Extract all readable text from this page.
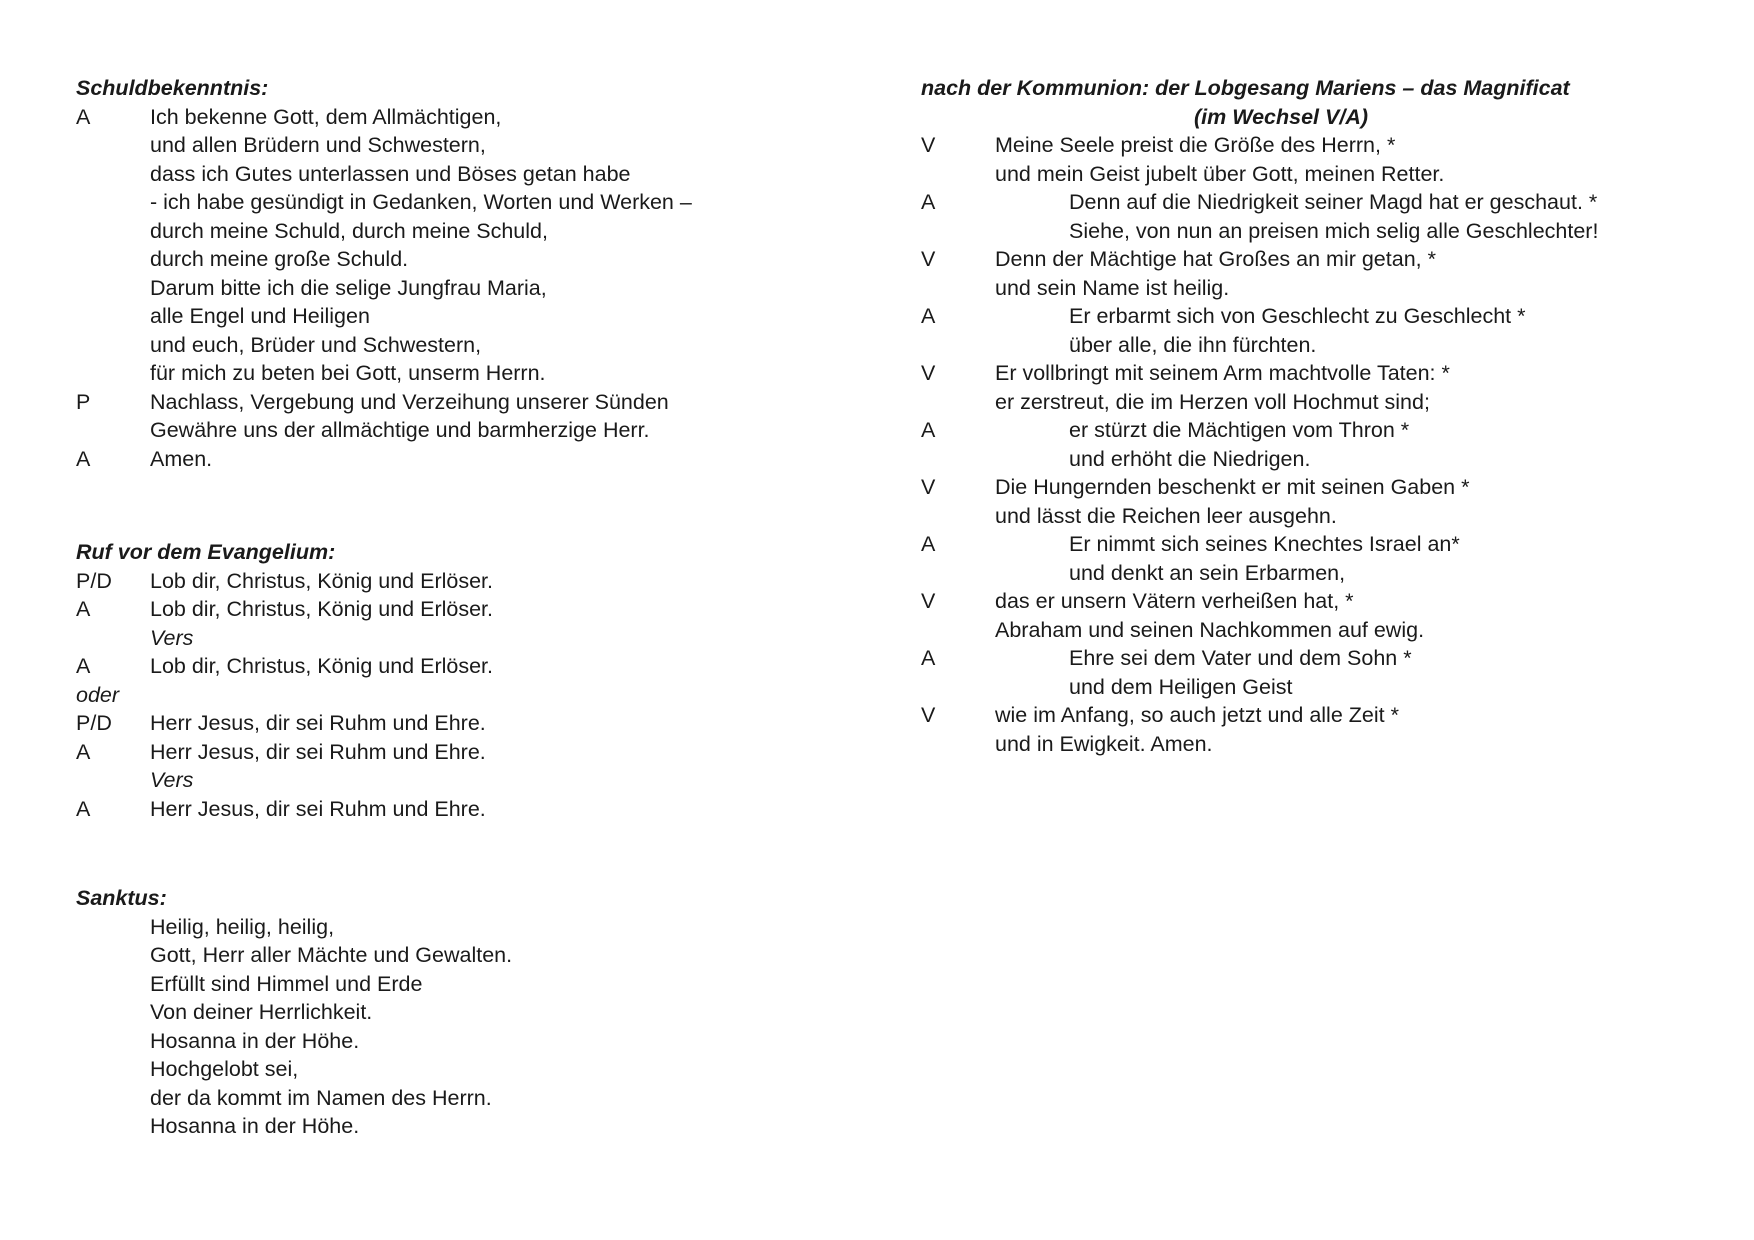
Schuldbekenntnis:
A	Ich bekenne Gott, dem Allmächtigen,
und allen Brüdern und Schwestern,
dass ich Gutes unterlassen und Böses getan habe
- ich habe gesündigt in Gedanken, Worten und Werken –
durch meine Schuld, durch meine Schuld,
durch meine große Schuld.
Darum bitte ich die selige Jungfrau Maria,
alle Engel und Heiligen
und euch, Brüder und Schwestern,
für mich zu beten bei Gott, unserm Herrn.
P	Nachlass, Vergebung und Verzeihung unserer Sünden
Gewähre uns der allmächtige und barmherzige Herr.
A	Amen.
Ruf vor dem Evangelium:
P/D Lob dir, Christus, König und Erlöser.
A	Lob dir, Christus, König und Erlöser.
Vers
A	Lob dir, Christus, König und Erlöser.
oder
P/D Herr Jesus, dir sei Ruhm und Ehre.
A	Herr Jesus, dir sei Ruhm und Ehre.
Vers
A	Herr Jesus, dir sei Ruhm und Ehre.
Sanktus:
Heilig, heilig, heilig,
Gott, Herr aller Mächte und Gewalten.
Erfüllt sind Himmel und Erde
Von deiner Herrlichkeit.
Hosanna in der Höhe.
Hochgelobt sei,
der da kommt im Namen des Herrn.
Hosanna in der Höhe.
nach der Kommunion: der Lobgesang Mariens – das Magnificat
(im Wechsel V/A)
V	Meine Seele preist die Größe des Herrn, *
und mein Geist jubelt über Gott, meinen Retter.
A	Denn auf die Niedrigkeit seiner Magd hat er geschaut. *
Siehe, von nun an preisen mich selig alle Geschlechter!
V	Denn der Mächtige hat Großes an mir getan, *
und sein Name ist heilig.
A	Er erbarmt sich von Geschlecht zu Geschlecht *
über alle, die ihn fürchten.
V	Er vollbringt mit seinem Arm machtvolle Taten: *
er zerstreut, die im Herzen voll Hochmut sind;
A	er stürzt die Mächtigen vom Thron *
und erhöht die Niedrigen.
V	Die Hungernden beschenkt er mit seinen Gaben *
und lässt die Reichen leer ausgehn.
A	Er nimmt sich seines Knechtes Israel an*
und denkt an sein Erbarmen,
V	das er unsern Vätern verheißen hat, *
Abraham und seinen Nachkommen auf ewig.
A	Ehre sei dem Vater und dem Sohn *
und dem Heiligen Geist
V	wie im Anfang, so auch jetzt und alle Zeit *
und in Ewigkeit. Amen.
